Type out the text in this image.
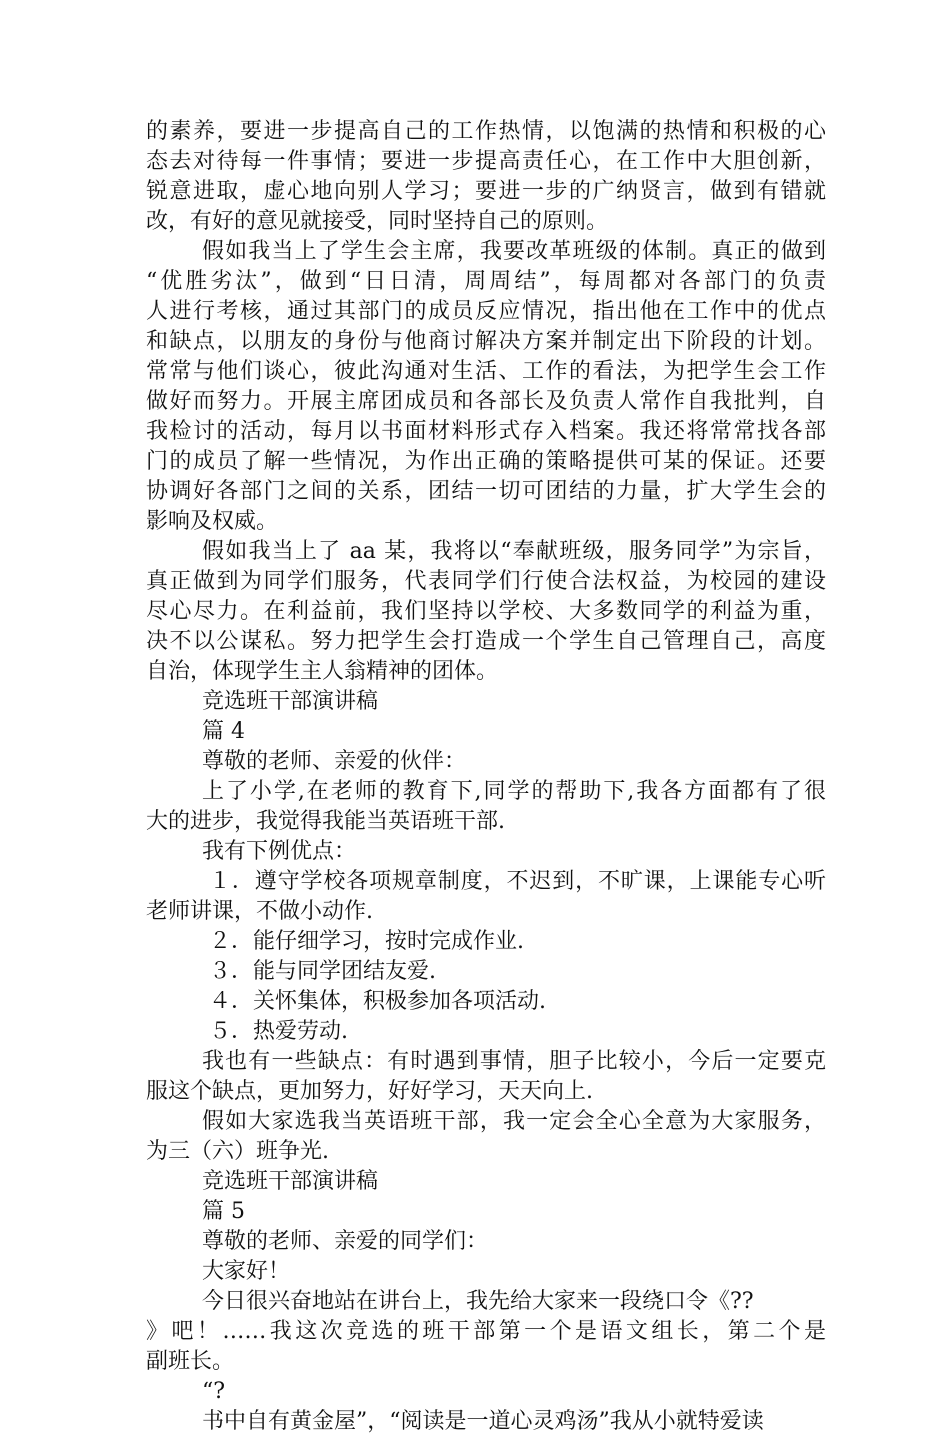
的素养，要进一步提高自己的工作热情，以饱满的热情和积极的心
态去对待每一件事情；要进一步提高责任心，在工作中大胆创新，
锐意进取，虚心地向别人学习；要进一步的广纳贤言，做到有错就
改，有好的意见就接受，同时坚持自己的原则。
假如我当上了学生会主席，我要改革班级的体制。真正的做到
“优胜劣汰”，做到“日日清，周周结”，每周都对各部门的负责
人进行考核，通过其部门的成员反应情况，指出他在工作中的优点
和缺点，以朋友的身份与他商讨解决方案并制定出下阶段的计划。
常常与他们谈心，彼此沟通对生活、工作的看法，为把学生会工作
做好而努力。开展主席团成员和各部长及负责人常作自我批判，自
我检讨的活动，每月以书面材料形式存入档案。我还将常常找各部
门的成员了解一些情况，为作出正确的策略提供可某的保证。还要
协调好各部门之间的关系，团结一切可团结的力量，扩大学生会的
影响及权威。
假如我当上了 aa 某，我将以“奉献班级，服务同学”为宗旨，
真正做到为同学们服务，代表同学们行使合法权益，为校园的建设
尽心尽力。在利益前，我们坚持以学校、大多数同学的利益为重，
决不以公谋私。努力把学生会打造成一个学生自己管理自己，高度
自治，体现学生主人翁精神的团体。
竞选班干部演讲稿
篇 4
尊敬的老师、亲爱的伙伴：
上了小学,在老师的教育下,同学的帮助下,我各方面都有了很
大的进步，我觉得我能当英语班干部.
我有下例优点：
１．遵守学校各项规章制度，不迟到，不旷课，上课能专心听
老师讲课，不做小动作.
２．能仔细学习，按时完成作业.
３．能与同学团结友爱.
４．关怀集体，积极参加各项活动.
５．热爱劳动.
我也有一些缺点：有时遇到事情，胆子比较小，今后一定要克
服这个缺点，更加努力，好好学习，天天向上.
假如大家选我当英语班干部，我一定会全心全意为大家服务，
为三（六）班争光.
竞选班干部演讲稿
篇 5
尊敬的老师、亲爱的同学们：
大家好！
今日很兴奋地站在讲台上，我先给大家来一段绕口令《??
》吧！……我这次竞选的班干部第一个是语文组长，第二个是
副班长。
“?
书中自有黄金屋”，“阅读是一道心灵鸡汤”我从小就特爱读
